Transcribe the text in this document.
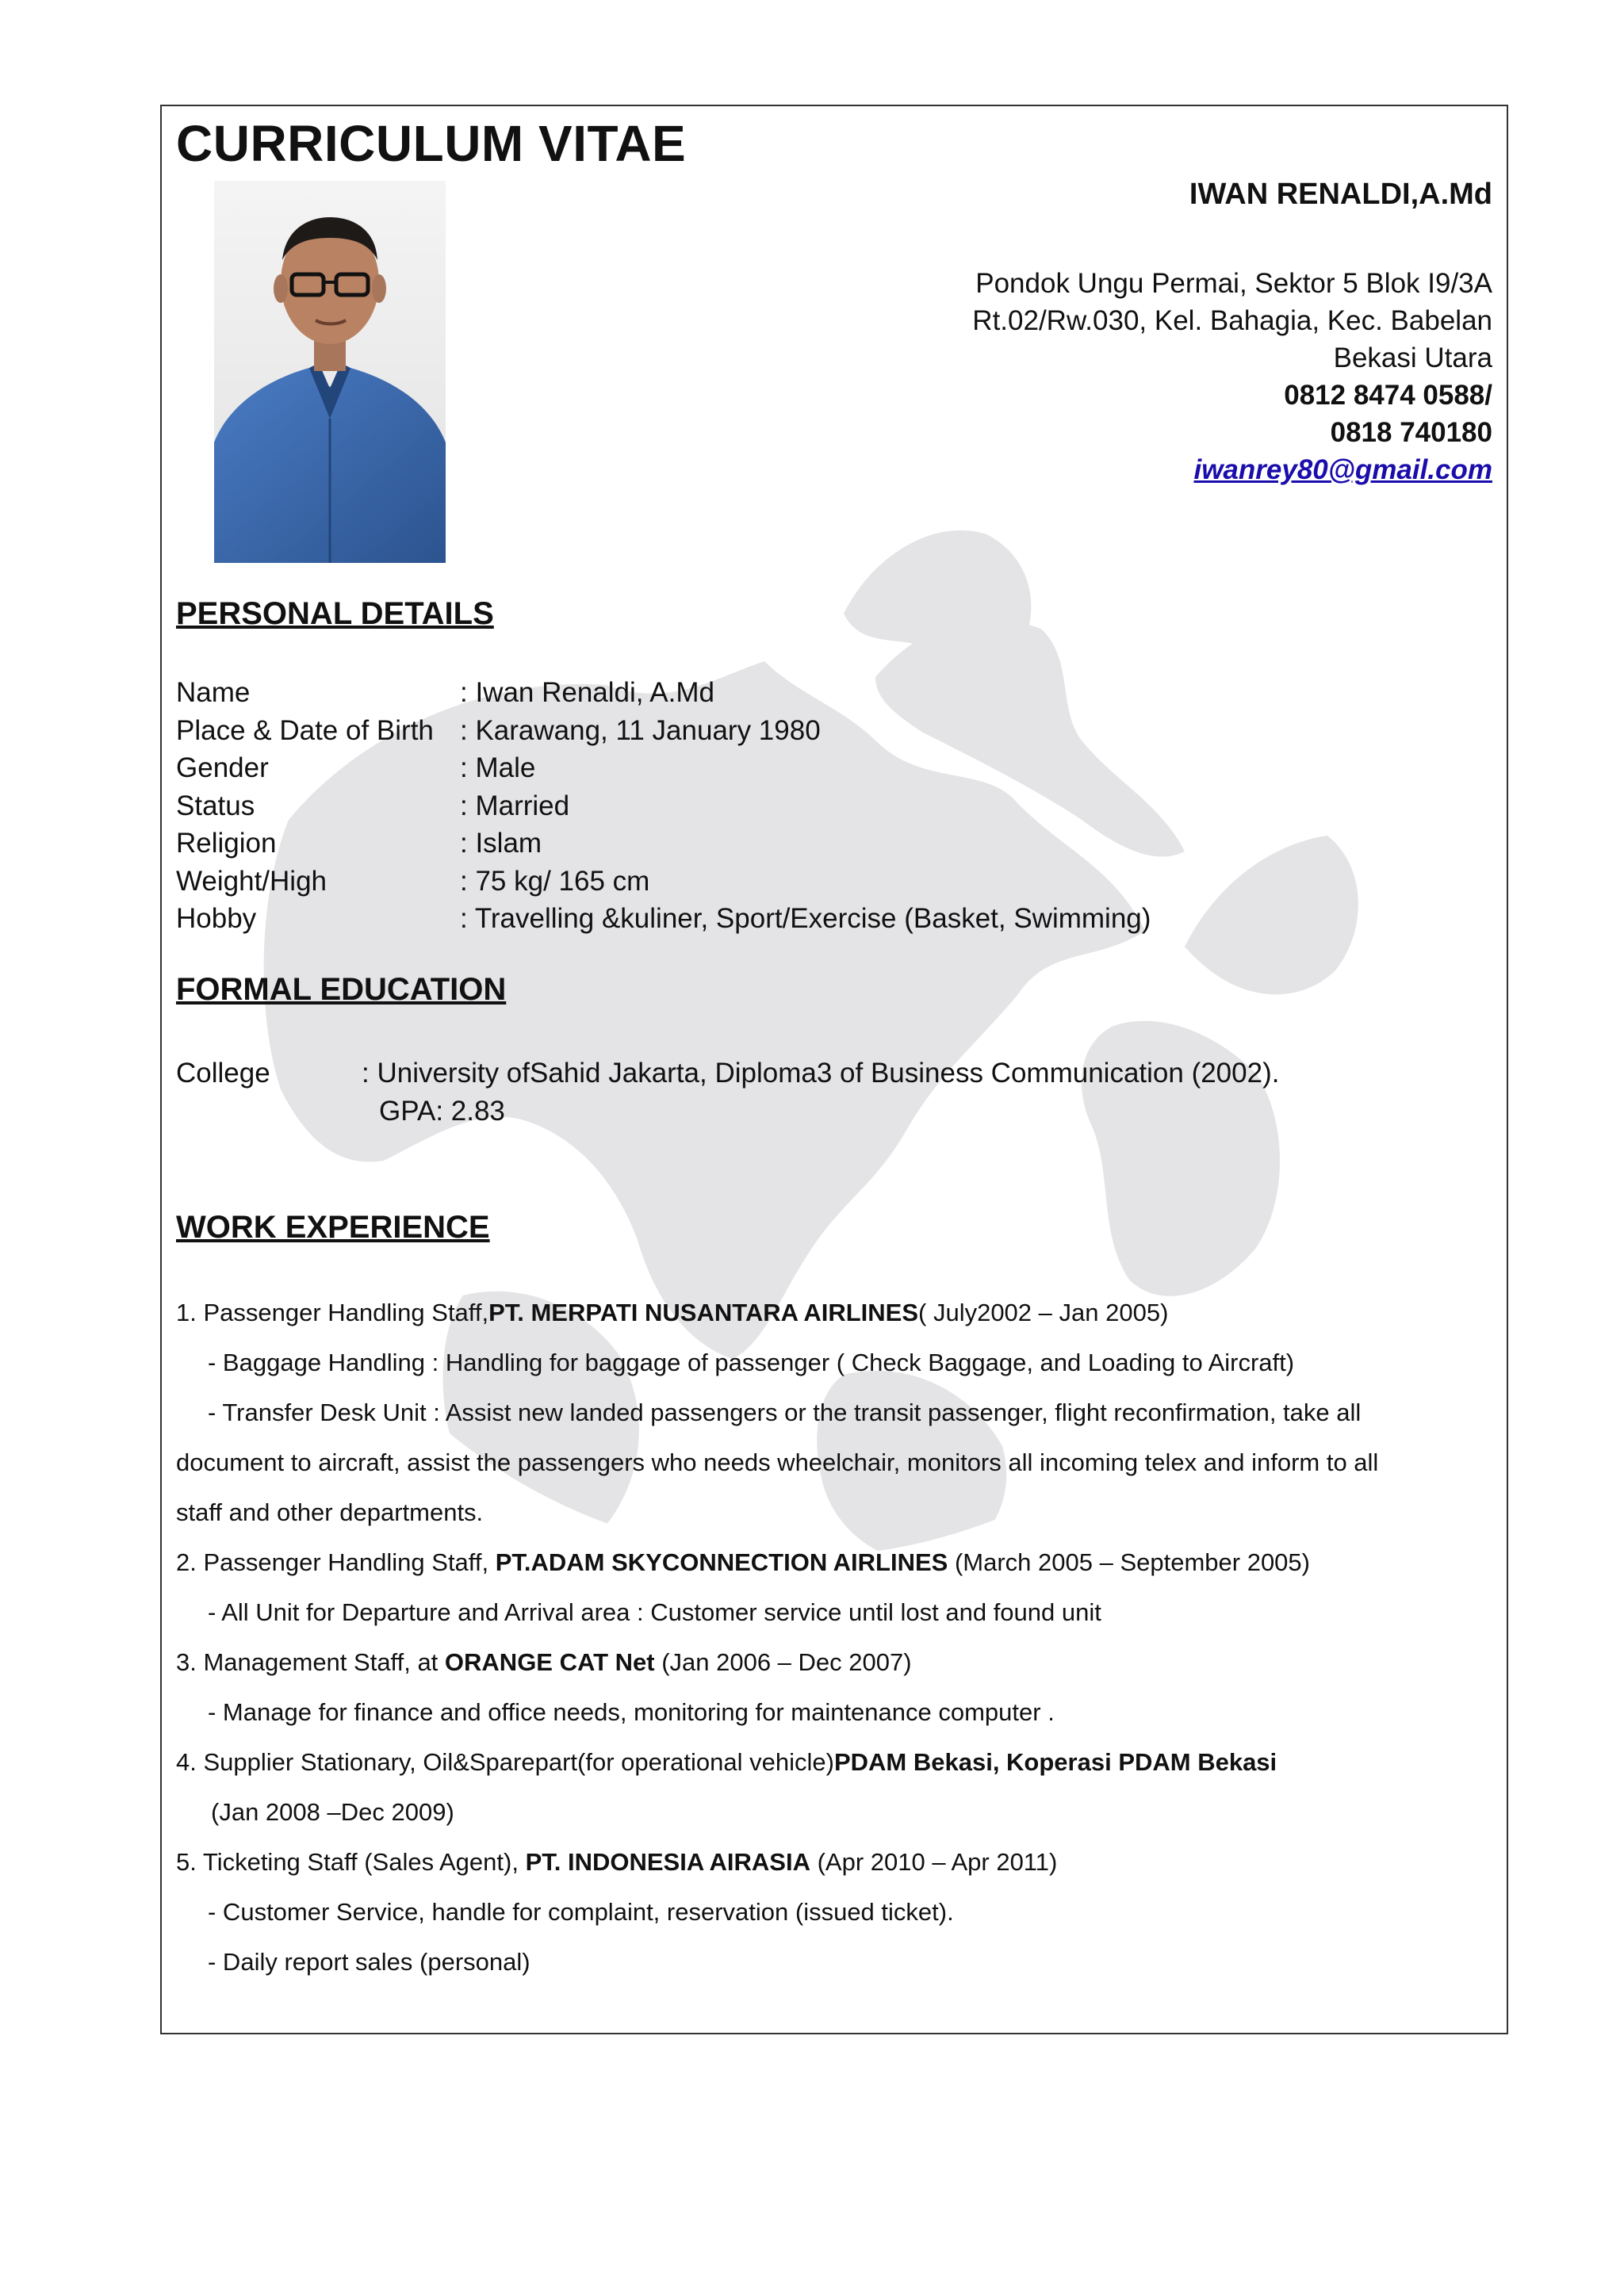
CURRICULUM VITAE
IWAN RENALDI,A.Md
Pondok Ungu Permai, Sektor 5 Blok I9/3A
Rt.02/Rw.030, Kel. Bahagia, Kec. Babelan
Bekasi Utara
0812 8474 0588/
0818 740180
iwanrey80@gmail.com
PERSONAL DETAILS
Name	: Iwan Renaldi, A.Md
Place & Date of Birth : Karawang, 11 January 1980
Gender	: Male
Status	: Married
Religion	: Islam
Weight/High	: 75 kg/ 165 cm
Hobby	: Travelling &kuliner, Sport/Exercise (Basket, Swimming)
FORMAL EDUCATION
College	: University ofSahid Jakarta, Diploma3 of Business Communication (2002).
GPA: 2.83
WORK EXPERIENCE
1. Passenger Handling Staff,PT. MERPATI NUSANTARA AIRLINES( July2002 – Jan 2005)
- Baggage Handling : Handling for baggage of passenger ( Check Baggage, and Loading to Aircraft)
- Transfer Desk Unit : Assist new landed passengers or the transit passenger, flight reconfirmation, take all
document to aircraft, assist the passengers who needs wheelchair, monitors all incoming telex and inform to all
staff and other departments.
2. Passenger Handling Staff, PT.ADAM SKYCONNECTION AIRLINES (March 2005 – September 2005)
- All Unit for Departure and Arrival area : Customer service until lost and found unit
3. Management Staff, at ORANGE CAT Net (Jan 2006 – Dec 2007)
- Manage for finance and office needs, monitoring for maintenance computer .
4. Supplier Stationary, Oil&Sparepart(for operational vehicle)PDAM Bekasi, Koperasi PDAM Bekasi
(Jan 2008 –Dec 2009)
5. Ticketing Staff (Sales Agent), PT. INDONESIA AIRASIA (Apr 2010 – Apr 2011)
- Customer Service, handle for complaint, reservation (issued ticket).
- Daily report sales (personal)
